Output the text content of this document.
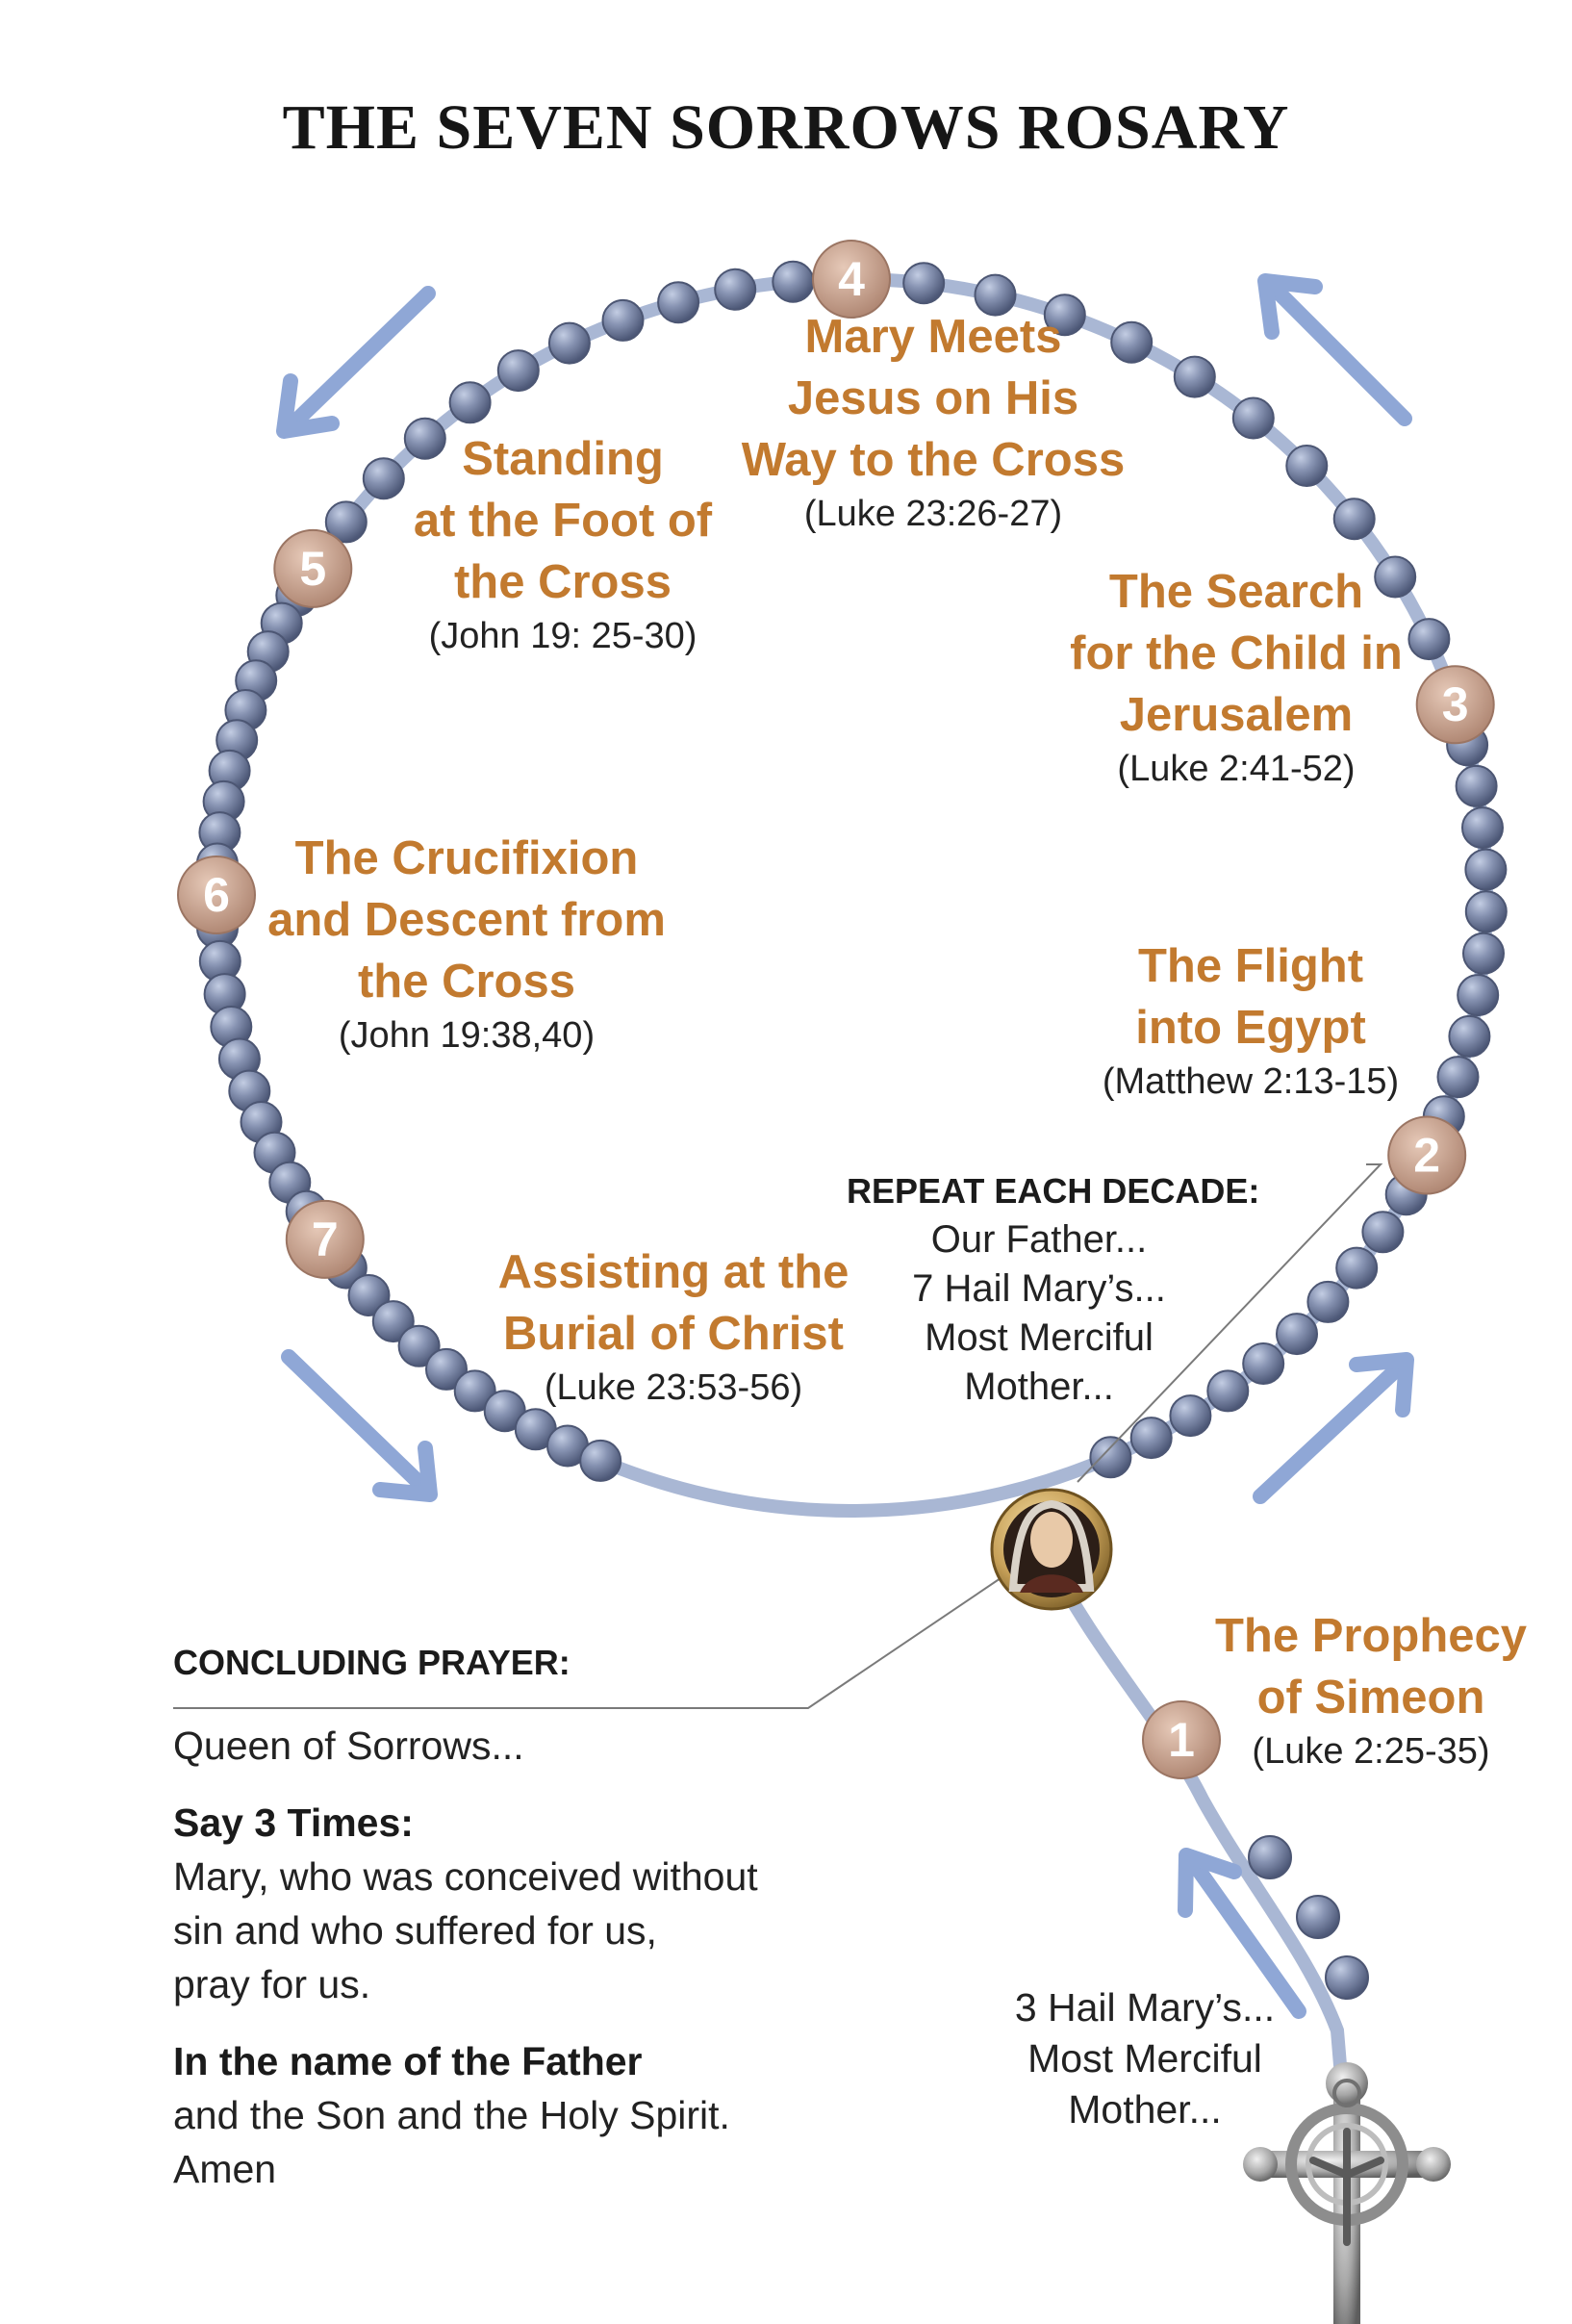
2
3
4
5
6
7
1
THE SEVEN SORROWS ROSARY
The Prophecy
of Simeon
(Luke 2:25-35)
The Flight
into Egypt
(Matthew 2:13-15)
The Search
for the Child in
Jerusalem
(Luke 2:41-52)
Mary Meets
Jesus on His
Way to the Cross
(Luke 23:26-27)
Standing
at the Foot of
the Cross
(John 19: 25-30)
The Crucifixion
and Descent from
the Cross
(John 19:38,40)
Assisting at the
Burial of Christ
(Luke 23:53-56)
REPEAT EACH DECADE:
Our Father...
7 Hail Mary’s...
Most Merciful
Mother...
3 Hail Mary’s...
Most Merciful
Mother...
CONCLUDING PRAYER:
Queen of Sorrows...
Say 3 Times:
Mary, who was conceived without
sin and who suffered for us,
pray for us.
In the name of the Father
and the Son and the Holy Spirit.
Amen
